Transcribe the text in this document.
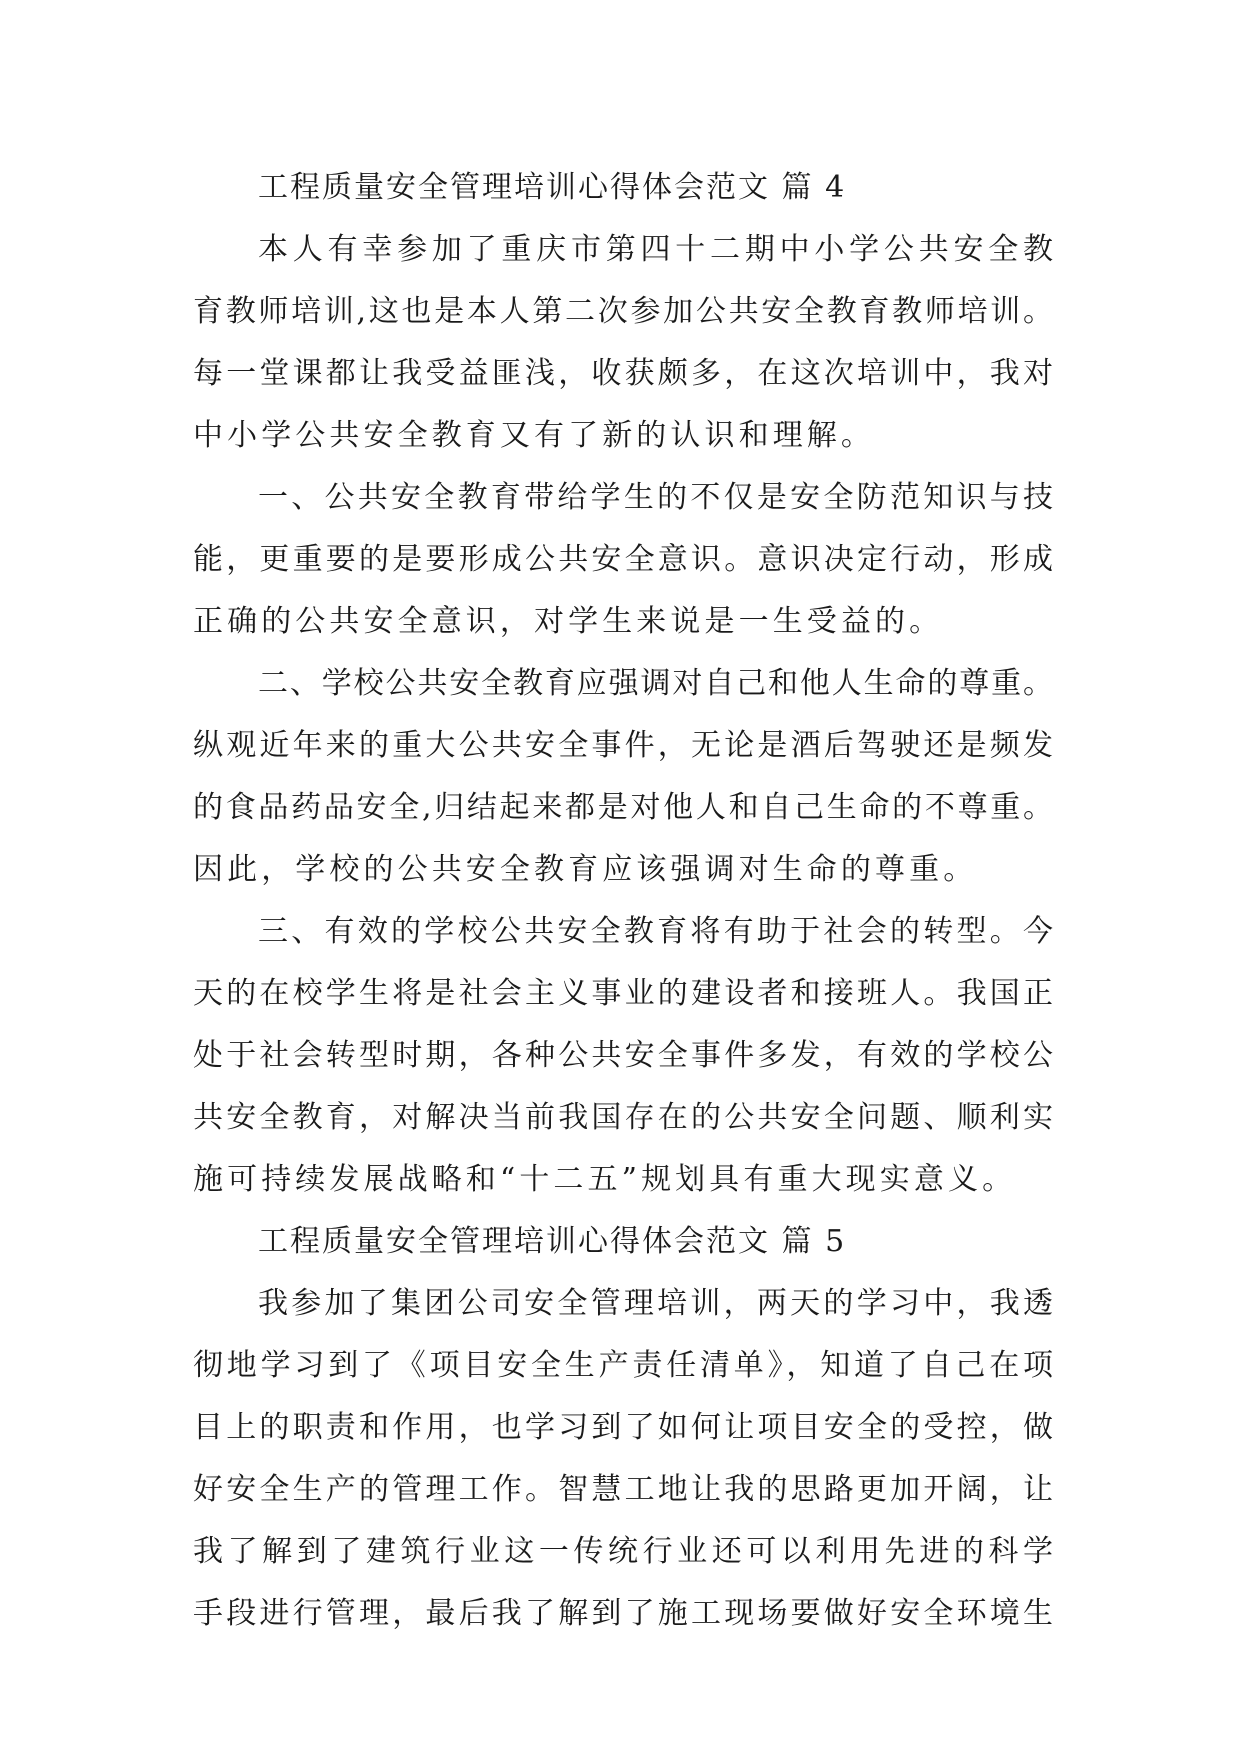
工程质量安全管理培训心得体会范文 篇 4
本人有幸参加了重庆市第四十二期中小学公共安全教
育教师培训,这也是本人第二次参加公共安全教育教师培训。
每一堂课都让我受益匪浅，收获颇多，在这次培训中，我对
中小学公共安全教育又有了新的认识和理解。
一、公共安全教育带给学生的不仅是安全防范知识与技
能，更重要的是要形成公共安全意识。意识决定行动，形成
正确的公共安全意识，对学生来说是一生受益的。
二、学校公共安全教育应强调对自己和他人生命的尊重。
纵观近年来的重大公共安全事件，无论是酒后驾驶还是频发
的食品药品安全,归结起来都是对他人和自己生命的不尊重。
因此，学校的公共安全教育应该强调对生命的尊重。
三、有效的学校公共安全教育将有助于社会的转型。今
天的在校学生将是社会主义事业的建设者和接班人。我国正
处于社会转型时期，各种公共安全事件多发，有效的学校公
共安全教育，对解决当前我国存在的公共安全问题、顺利实
施可持续发展战略和“十二五”规划具有重大现实意义。
工程质量安全管理培训心得体会范文 篇 5
我参加了集团公司安全管理培训，两天的学习中，我透
彻地学习到了《项目安全生产责任清单》，知道了自己在项
目上的职责和作用，也学习到了如何让项目安全的受控，做
好安全生产的管理工作。智慧工地让我的思路更加开阔，让
我了解到了建筑行业这一传统行业还可以利用先进的科学
手段进行管理，最后我了解到了施工现场要做好安全环境生
